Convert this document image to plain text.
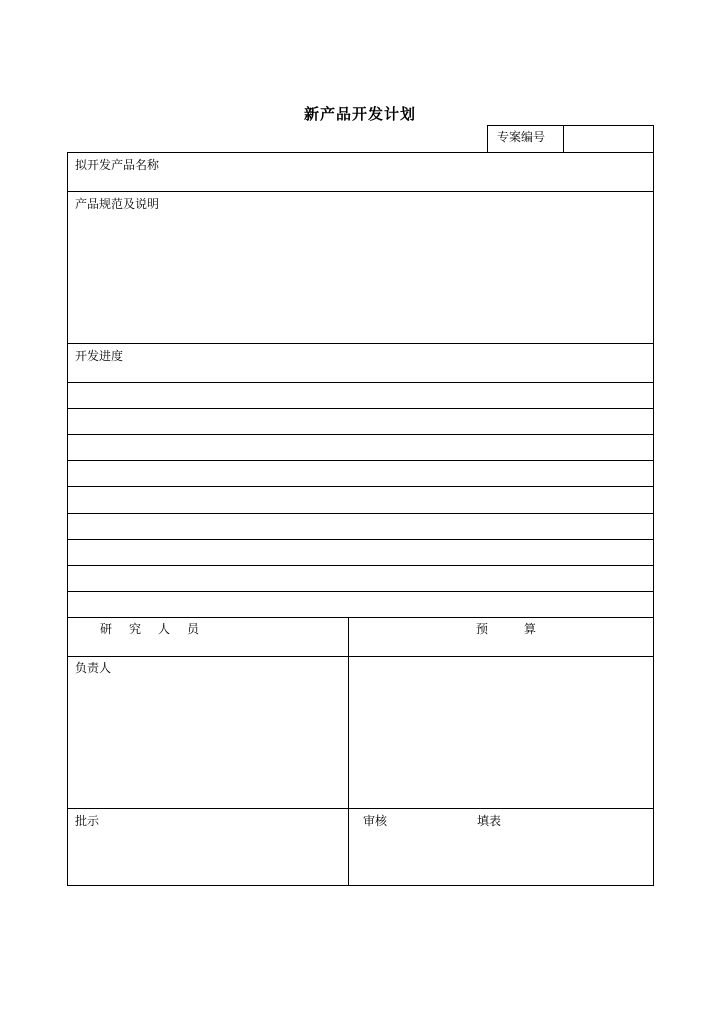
新产品开发计划
专案编号
拟开发产品名称
产品规范及说明
开发进度
研究人员	预算
负责人
批示	审核	填表
